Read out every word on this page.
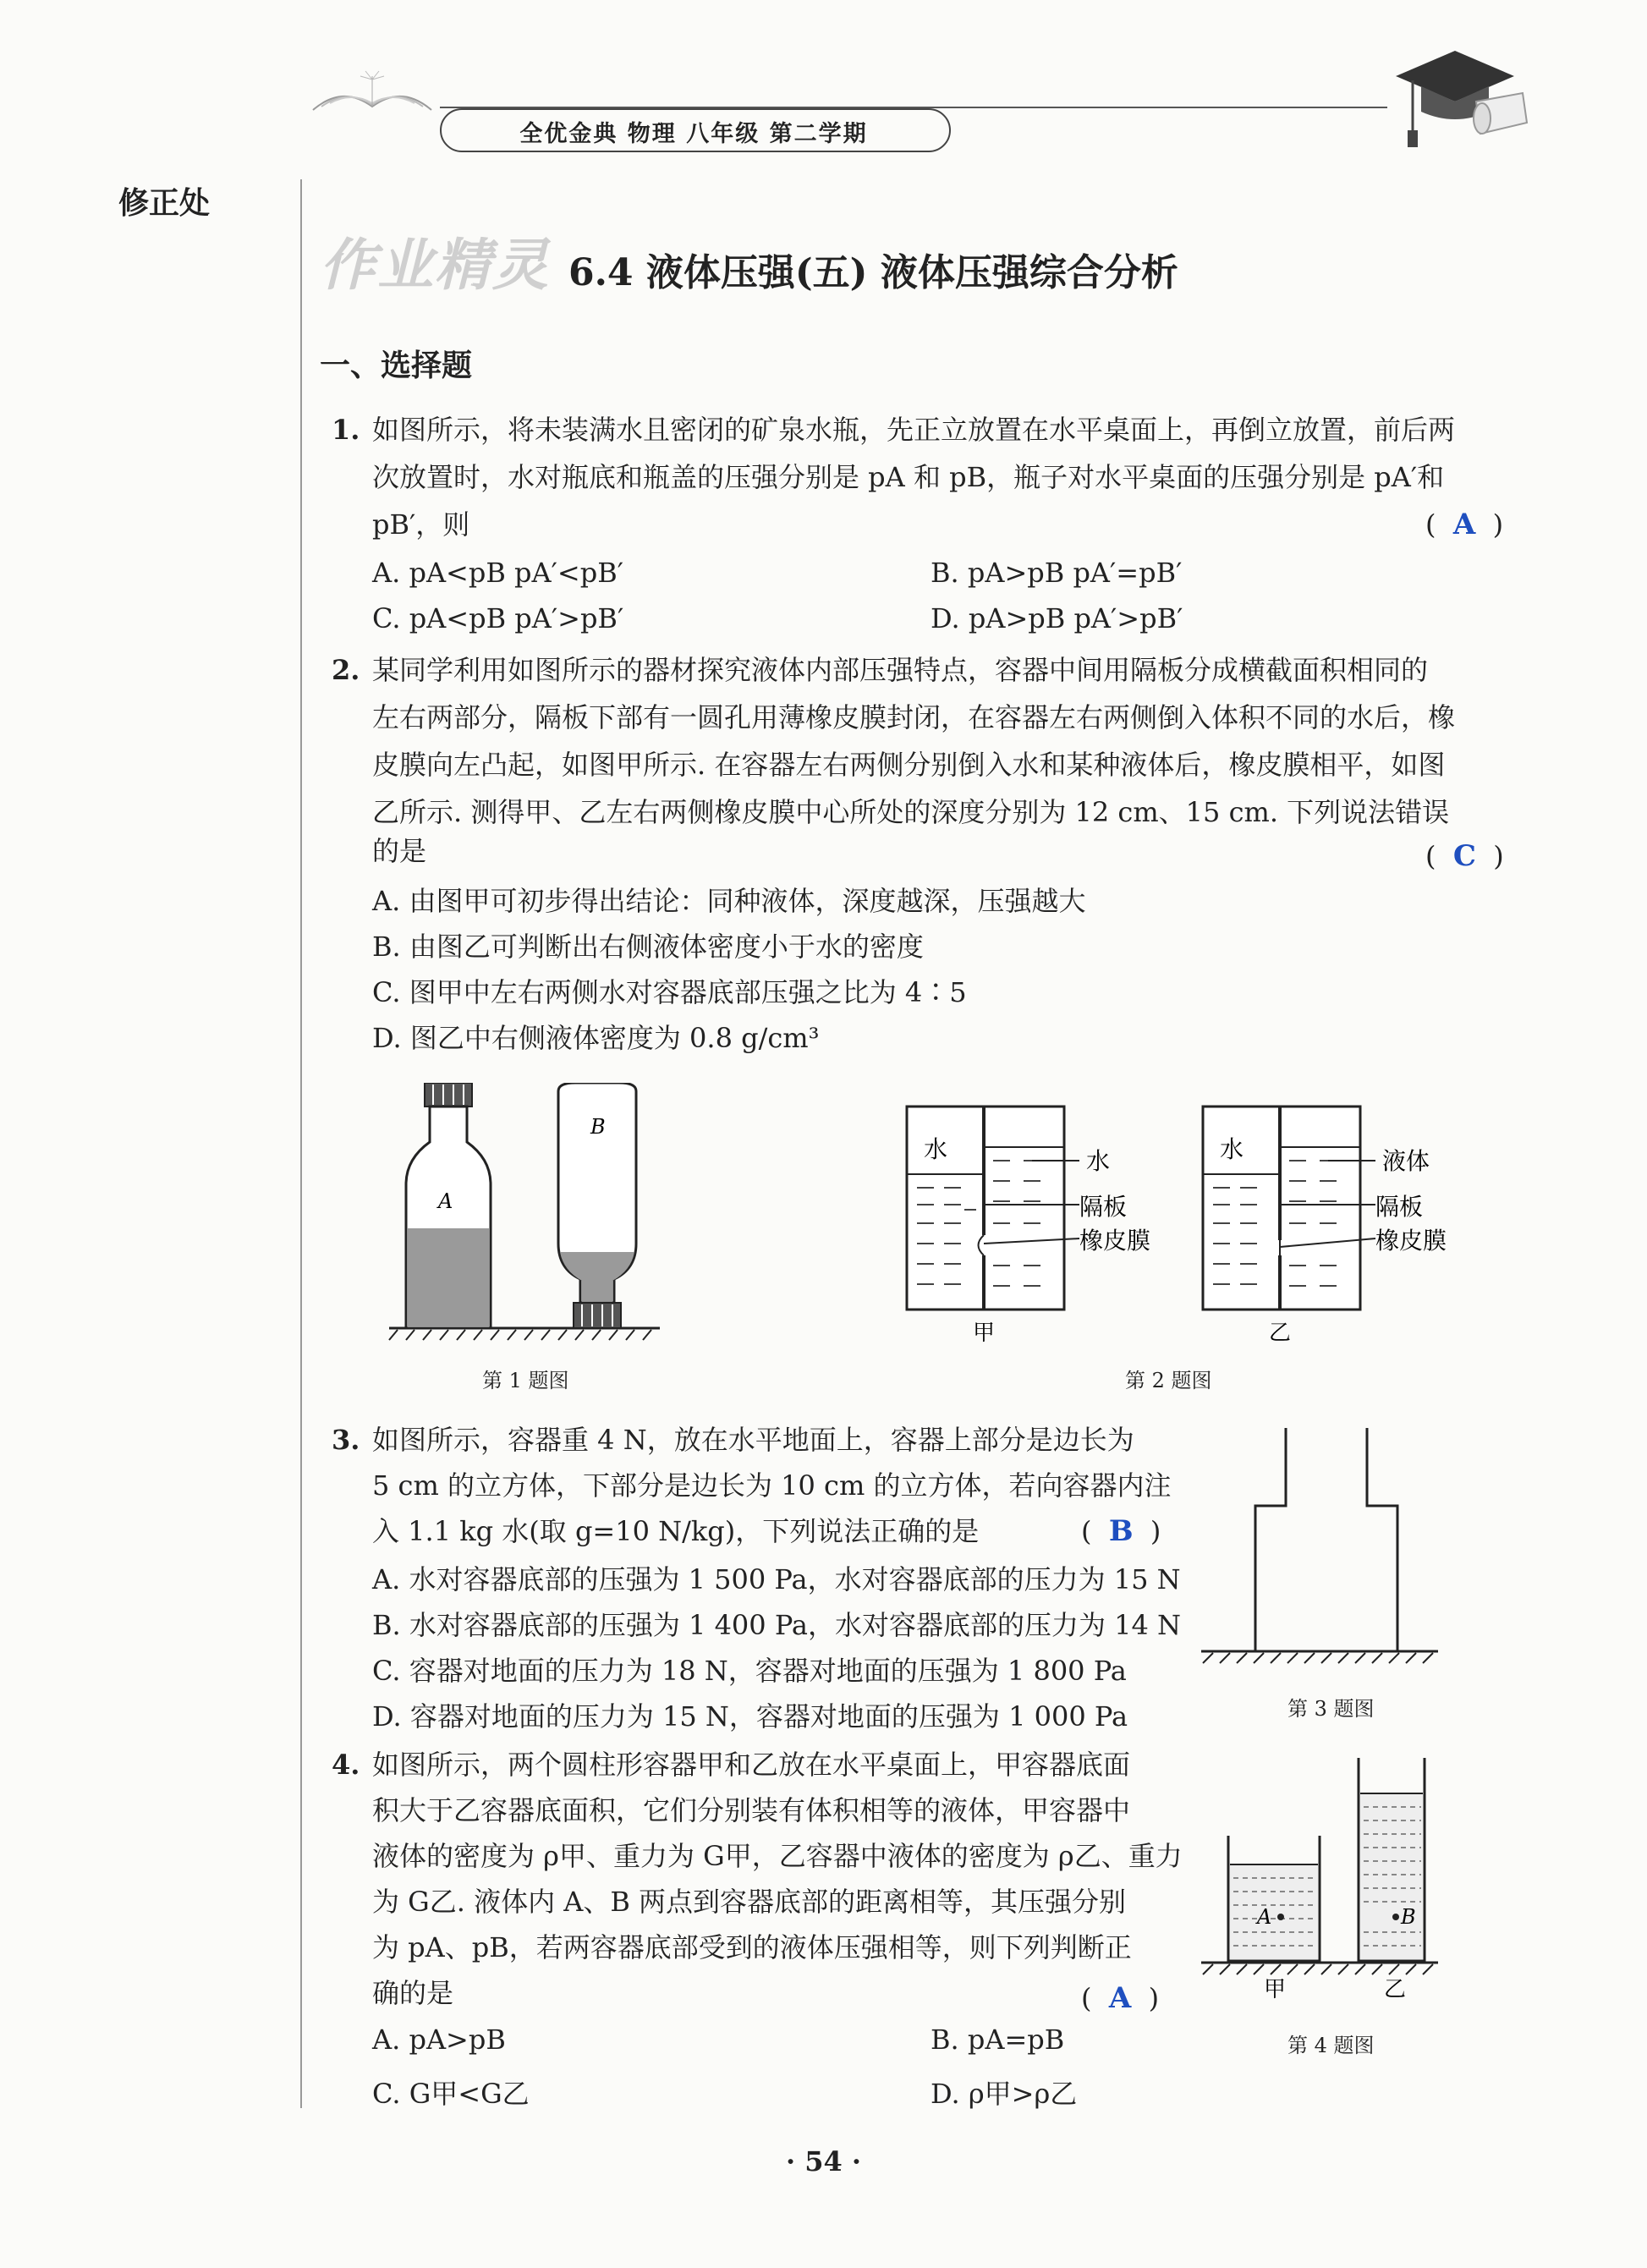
全优金典 物理 八年级 第二学期
修正处
作业精灵 6.4 液体压强(五) 液体压强综合分析
一、选择题
1. 如图所示，将未装满水且密闭的矿泉水瓶，先正立放置在水平桌面上，再倒立放置，前后两
次放置时，水对瓶底和瓶盖的压强分别是 pA 和 pB，瓶子对水平桌面的压强分别是 pA′和
pB′，则	( A )
A. pA<pB pA′<pB′	B. pA>pB pA′=pB′
C. pA<pB pA′>pB′	D. pA>pB pA′>pB′
2. 某同学利用如图所示的器材探究液体内部压强特点，容器中间用隔板分成横截面积相同的
左右两部分，隔板下部有一圆孔用薄橡皮膜封闭，在容器左右两侧倒入体积不同的水后，橡
皮膜向左凸起，如图甲所示. 在容器左右两侧分别倒入水和某种液体后，橡皮膜相平，如图
乙所示. 测得甲、乙左右两侧橡皮膜中心所处的深度分别为 12 cm、15 cm. 下列说法错误
的是	( C )
A. 由图甲可初步得出结论：同种液体，深度越深，压强越大
B. 由图乙可判断出右侧液体密度小于水的密度
C. 图甲中左右两侧水对容器底部压强之比为 4∶5
D. 图乙中右侧液体密度为 0.8 g/cm³
A
B
第 1 题图
水	水
隔板
橡皮膜
甲
水	液体
隔板
橡皮膜
乙
第 2 题图
3. 如图所示，容器重 4 N，放在水平地面上，容器上部分是边长为
5 cm 的立方体，下部分是边长为 10 cm 的立方体，若向容器内注
入 1.1 kg 水(取 g=10 N/kg)，下列说法正确的是	( B )
A. 水对容器底部的压强为 1 500 Pa，水对容器底部的压力为 15 N
B. 水对容器底部的压强为 1 400 Pa，水对容器底部的压力为 14 N
C. 容器对地面的压力为 18 N，容器对地面的压强为 1 800 Pa
D. 容器对地面的压力为 15 N，容器对地面的压强为 1 000 Pa	第 3 题图
4. 如图所示，两个圆柱形容器甲和乙放在水平桌面上，甲容器底面
积大于乙容器底面积，它们分别装有体积相等的液体，甲容器中
液体的密度为 ρ甲、重力为 G甲，乙容器中液体的密度为 ρ乙、重力
为 G乙. 液体内 A、B 两点到容器底部的距离相等，其压强分别
为 pA、pB，若两容器底部受到的液体压强相等，则下列判断正
确的是	( A )
A. pA>pB	B. pA=pB
C. G甲<G乙	D. ρ甲>ρ乙
A	B
甲	乙
第 4 题图
· 54 ·
